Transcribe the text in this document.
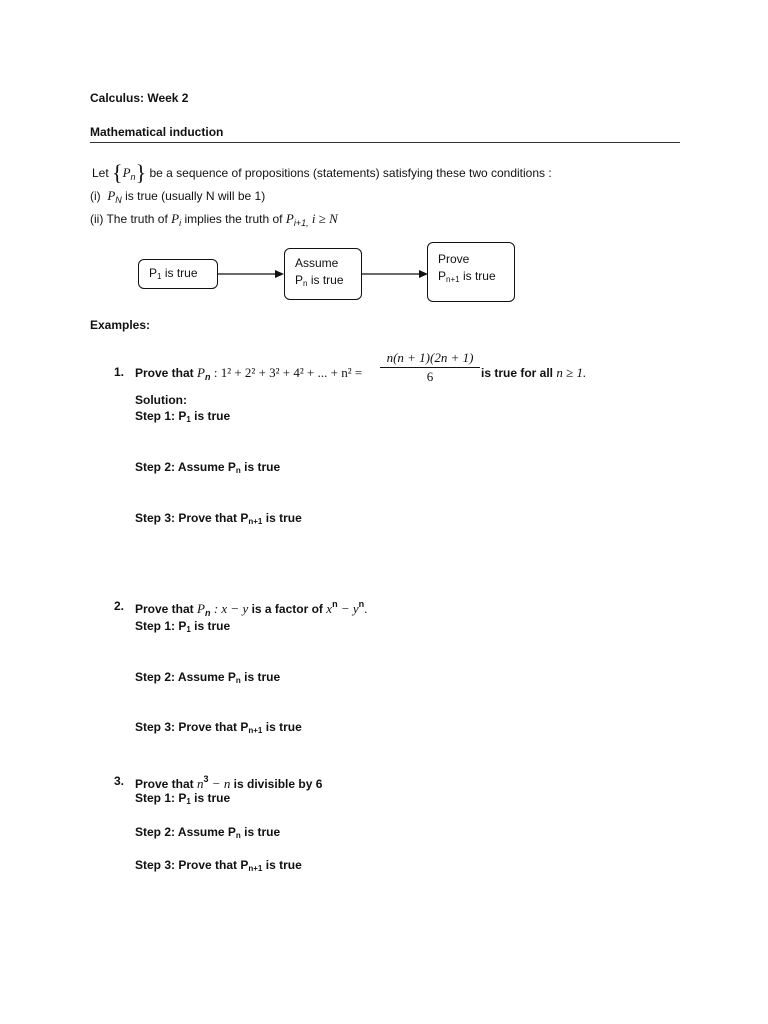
Calculus: Week 2
Mathematical induction
Let $\{P_n\}$ be a sequence of propositions (statements) satisfying these two conditions :
(i) $P_N$ is true (usually N will be 1)
(ii) The truth of $P_i$ implies the truth of $P_{i+1,}$ i ≥ N
$P_1$ is true
Assume
$P_n$ is true
Prove
$P_{n+1}$ is true
Examples:
1. Prove that $P_n$ : 1² + 2² + 3² + 4² + ... + n² =
n(n + 1)(2n + 1)
6	is true for all n ≥ 1.
Solution:
Step 1: $P_1$ is true
Step 2: Assume $P_n$ is true
Step 3: Prove that $P_{n+1}$ is true
2. Prove that $P_n$ : x − y is a factor of $x^n - y^n$.
Step 1: $P_1$ is true
Step 2: Assume $P_n$ is true
Step 3: Prove that $P_{n+1}$ is true
3. Prove that $n^3 - n$ is divisible by 6
Step 1: $P_1$ is true
Step 2: Assume $P_n$ is true
Step 3: Prove that $P_{n+1}$ is true
